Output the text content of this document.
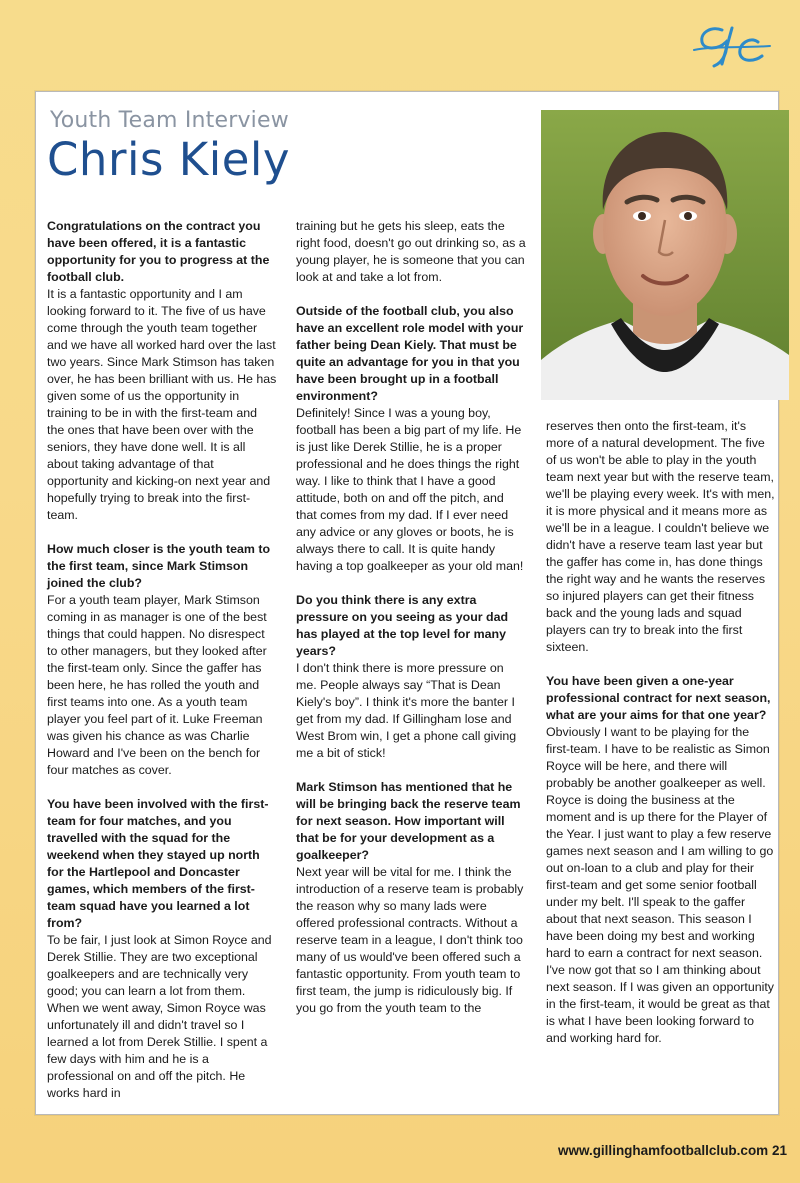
Youth Team Interview
Chris Kiely

Congratulations on the contract you have been offered, it is a fantastic opportunity for you to progress at the football club.

It is a fantastic opportunity and I am looking forward to it. The five of us have come through the youth team together and we have all worked hard over the last two years. Since Mark Stimson has taken over, he has been brilliant with us. He has given some of us the opportunity in training to be in with the first-team and the ones that have been over with the seniors, they have done well. It is all about taking advantage of that opportunity and kicking-on next year and hopefully trying to break into the first-team.

How much closer is the youth team to the first team, since Mark Stimson joined the club?

For a youth team player, Mark Stimson coming in as manager is one of the best things that could happen. No disrespect to other managers, but they looked after the first-team only. Since the gaffer has been here, he has rolled the youth and first teams into one. As a youth team player you feel part of it. Luke Freeman was given his chance as was Charlie Howard and I've been on the bench for four matches as cover.

You have been involved with the first-team for four matches, and you travelled with the squad for the weekend when they stayed up north for the Hartlepool and Doncaster games, which members of the first-team squad have you learned a lot from?

To be fair, I just look at Simon Royce and Derek Stillie. They are two exceptional goalkeepers and are technically very good; you can learn a lot from them. When we went away, Simon Royce was unfortunately ill and didn't travel so I learned a lot from Derek Stillie. I spent a few days with him and he is a professional on and off the pitch. He works hard in

training but he gets his sleep, eats the right food, doesn't go out drinking so, as a young player, he is someone that you can look at and take a lot from.

Outside of the football club, you also have an excellent role model with your father being Dean Kiely. That must be quite an advantage for you in that you have been brought up in a football environment?

Definitely! Since I was a young boy, football has been a big part of my life. He is just like Derek Stillie, he is a proper professional and he does things the right way. I like to think that I have a good attitude, both on and off the pitch, and that comes from my dad. If I ever need any advice or any gloves or boots, he is always there to call. It is quite handy having a top goalkeeper as your old man!

Do you think there is any extra pressure on you seeing as your dad has played at the top level for many years?

I don't think there is more pressure on me. People always say “That is Dean Kiely's boy”. I think it's more the banter I get from my dad. If Gillingham lose and West Brom win, I get a phone call giving me a bit of stick!

Mark Stimson has mentioned that he will be bringing back the reserve team for next season. How important will that be for your development as a goalkeeper?

Next year will be vital for me. I think the introduction of a reserve team is probably the reason why so many lads were offered professional contracts. Without a reserve team in a league, I don't think too many of us would've been offered such a fantastic opportunity. From youth team to first team, the jump is ridiculously big. If you go from the youth team to the

reserves then onto the first-team, it's more of a natural development. The five of us won't be able to play in the youth team next year but with the reserve team, we'll be playing every week. It's with men, it is more physical and it means more as we'll be in a league. I couldn't believe we didn't have a reserve team last year but the gaffer has come in, has done things the right way and he wants the reserves so injured players can get their fitness back and the young lads and squad players can try to break into the first sixteen.

You have been given a one-year professional contract for next season, what are your aims for that one year?

Obviously I want to be playing for the first-team. I have to be realistic as Simon Royce will be here, and there will probably be another goalkeeper as well. Royce is doing the business at the moment and is up there for the Player of the Year. I just want to play a few reserve games next season and I am willing to go out on-loan to a club and play for their first-team and get some senior football under my belt. I'll speak to the gaffer about that next season. This season I have been doing my best and working hard to earn a contract for next season. I've now got that so I am thinking about next season. If I was given an opportunity in the first-team, it would be great as that is what I have been looking forward to and working hard for.

www.gillinghamfootballclub.com 21
